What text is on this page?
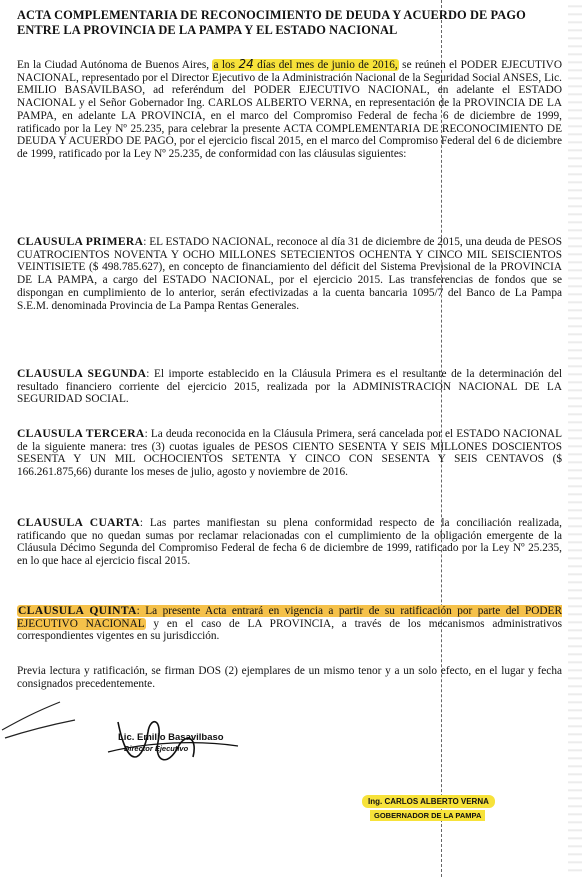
ACTA COMPLEMENTARIA DE RECONOCIMIENTO DE DEUDA Y ACUERDO DE PAGO ENTRE LA PROVINCIA DE LA PAMPA Y EL ESTADO NACIONAL

En la Ciudad Autónoma de Buenos Aires, a los 24 días del mes de junio de 2016, se reúnen el PODER EJECUTIVO NACIONAL, representado por el Director Ejecutivo de la Administración Nacional de la Seguridad Social ANSES, Lic. EMILIO BASAVILBASO, ad referéndum del PODER EJECUTIVO NACIONAL, en adelante el ESTADO NACIONAL y el Señor Gobernador Ing. CARLOS ALBERTO VERNA, en representación de la PROVINCIA DE LA PAMPA, en adelante LA PROVINCIA, en el marco del Compromiso Federal de fecha 6 de diciembre de 1999, ratificado por la Ley Nº 25.235, para celebrar la presente ACTA COMPLEMENTARIA DE RECONOCIMIENTO DE DEUDA Y ACUERDO DE PAGO, por el ejercicio fiscal 2015, en el marco del Compromiso Federal del 6 de diciembre de 1999, ratificado por la Ley Nº 25.235, de conformidad con las cláusulas siguientes:

CLAUSULA PRIMERA: EL ESTADO NACIONAL, reconoce al día 31 de diciembre de 2015, una deuda de PESOS CUATROCIENTOS NOVENTA Y OCHO MILLONES SETECIENTOS OCHENTA Y CINCO MIL SEISCIENTOS VEINTISIETE ($ 498.785.627), en concepto de financiamiento del déficit del Sistema Previsional de la PROVINCIA DE LA PAMPA, a cargo del ESTADO NACIONAL, por el ejercicio 2015. Las transferencias de fondos que se dispongan en cumplimiento de lo anterior, serán efectivizadas a la cuenta bancaria 1095/7 del Banco de La Pampa S.E.M. denominada Provincia de La Pampa Rentas Generales.

CLAUSULA SEGUNDA: El importe establecido en la Cláusula Primera es el resultante de la determinación del resultado financiero corriente del ejercicio 2015, realizada por la ADMINISTRACION NACIONAL DE LA SEGURIDAD SOCIAL.

CLAUSULA TERCERA: La deuda reconocida en la Cláusula Primera, será cancelada por el ESTADO NACIONAL de la siguiente manera: tres (3) cuotas iguales de PESOS CIENTO SESENTA Y SEIS MILLONES DOSCIENTOS SESENTA Y UN MIL OCHOCIENTOS SETENTA Y CINCO CON SESENTA Y SEIS CENTAVOS ($ 166.261.875,66) durante los meses de julio, agosto y noviembre de 2016.

CLAUSULA CUARTA: Las partes manifiestan su plena conformidad respecto de la conciliación realizada, ratificando que no quedan sumas por reclamar relacionadas con el cumplimiento de la obligación emergente de la Cláusula Décimo Segunda del Compromiso Federal de fecha 6 de diciembre de 1999, ratificado por la Ley Nº 25.235, en lo que hace al ejercicio fiscal 2015.

CLAUSULA QUINTA: La presente Acta entrará en vigencia a partir de su ratificación por parte del PODER EJECUTIVO NACIONAL y en el caso de LA PROVINCIA, a través de los mecanismos administrativos correspondientes vigentes en su jurisdicción.

Previa lectura y ratificación, se firman DOS (2) ejemplares de un mismo tenor y a un solo efecto, en el lugar y fecha consignados precedentemente.

Lic. Emilio Basavilbaso
Director Ejecutivo
Ing. CARLOS ALBERTO VERNA
GOBERNADOR DE LA PAMPA
